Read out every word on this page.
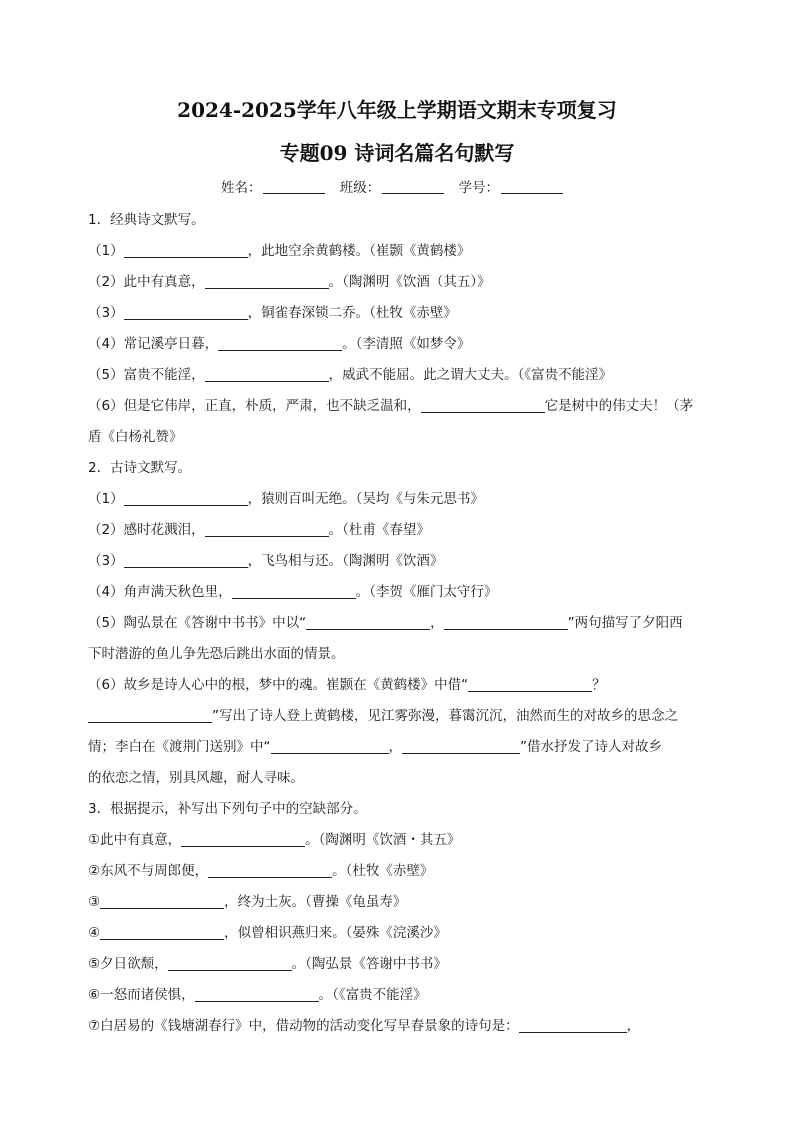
2024-2025学年八年级上学期语文期末专项复习
专题09 诗词名篇名句默写
姓名：	班级：	学号：
1．经典诗文默写。
（1）	，此地空余黄鹤楼。（崔颢《黄鹤楼》
（2）此中有真意，	。（陶渊明《饮酒（其五）》
（3）	，铜雀春深锁二乔。（杜牧《赤壁》
（4）常记溪亭日暮，	。（李清照《如梦令》
（5）富贵不能淫，	，威武不能屈。此之谓大丈夫。（《富贵不能淫》
（6）但是它伟岸，正直，朴质，严肃，也不缺乏温和，	它是树中的伟丈夫！（茅
盾《白杨礼赞》
2．古诗文默写。
（1）	，猿则百叫无绝。（吴均《与朱元思书》
（2）感时花溅泪，	。（杜甫《春望》
（3）	，飞鸟相与还。（陶渊明《饮酒》
（4）角声满天秋色里，	。（李贺《雁门太守行》
（5）陶弘景在《答谢中书书》中以“	，	”两句描写了夕阳西
下时潜游的鱼儿争先恐后跳出水面的情景。
（6）故乡是诗人心中的根，梦中的魂。崔颢在《黄鹤楼》中借“	？
”写出了诗人登上黄鹤楼，见江雾弥漫，暮霭沉沉，油然而生的对故乡的思念之
情；李白在《渡荆门送别》中“	，	”借水抒发了诗人对故乡
的依恋之情，别具风趣，耐人寻味。
3．根据提示，补写出下列句子中的空缺部分。
①此中有真意，	。（陶渊明《饮酒・其五》
②东风不与周郎便，	。（杜牧《赤壁》
③	，终为土灰。（曹操《龟虽寿》
④	，似曾相识燕归来。（晏殊《浣溪沙》
⑤夕日欲颓，	。（陶弘景《答谢中书书》
⑥一怒而诸侯惧，	。（《富贵不能淫》
⑦白居易的《钱塘湖春行》中，借动物的活动变化写早春景象的诗句是：	，
